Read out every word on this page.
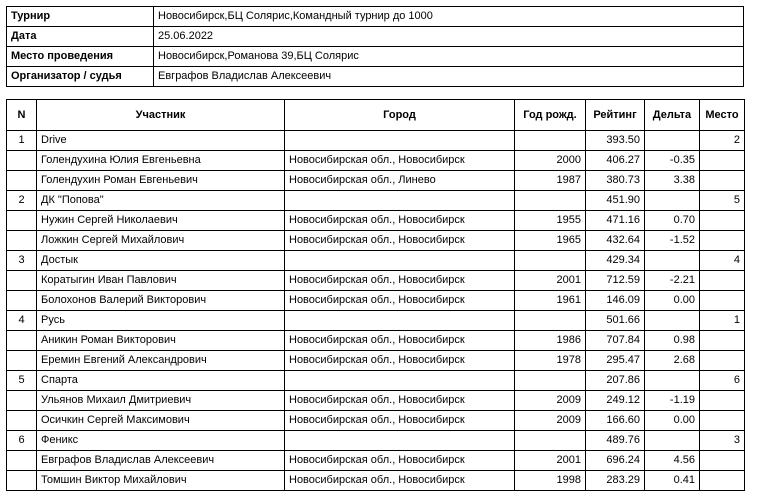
Турнир	Новосибирск,БЦ Солярис,Командный турнир до 1000
Дата	25.06.2022
Место проведения	Новосибирск,Романова 39,БЦ Солярис
Организатор / судья	Евграфов Владислав Алексеевич
N	Участник	Город	Год рожд.	Рейтинг	Дельта	Место
1	Drive			393.50		2
	Голендухина Юлия Евгеньевна	Новосибирская обл., Новосибирск	2000	406.27	-0.35	
	Голендухин Роман Евгеньевич	Новосибирская обл., Линево	1987	380.73	3.38	
2	ДК "Попова"			451.90		5
	Нужин Сергей Николаевич	Новосибирская обл., Новосибирск	1955	471.16	0.70	
	Ложкин Сергей Михайлович	Новосибирская обл., Новосибирск	1965	432.64	-1.52	
3	Достык			429.34		4
	Коратыгин Иван Павлович	Новосибирская обл., Новосибирск	2001	712.59	-2.21	
	Болохонов Валерий Викторович	Новосибирская обл., Новосибирск	1961	146.09	0.00	
4	Русь			501.66		1
	Аникин Роман Викторович	Новосибирская обл., Новосибирск	1986	707.84	0.98	
	Еремин Евгений Александрович	Новосибирская обл., Новосибирск	1978	295.47	2.68	
5	Спарта			207.86		6
	Ульянов Михаил Дмитриевич	Новосибирская обл., Новосибирск	2009	249.12	-1.19	
	Осичкин Сергей Максимович	Новосибирская обл., Новосибирск	2009	166.60	0.00	
6	Феникс			489.76		3
	Евграфов Владислав Алексеевич	Новосибирская обл., Новосибирск	2001	696.24	4.56	
	Томшин Виктор Михайлович	Новосибирская обл., Новосибирск	1998	283.29	0.41	
